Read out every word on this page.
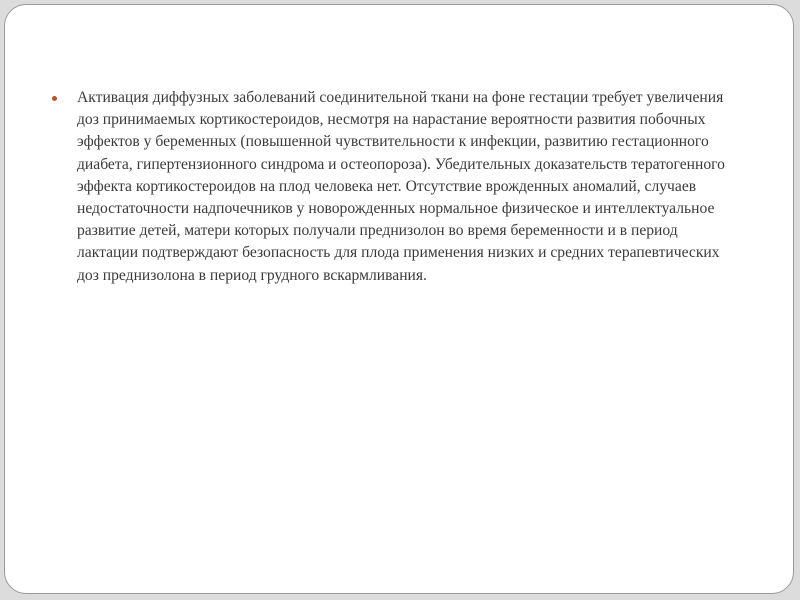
Активация диффузных заболеваний соединительной ткани на фоне гестации требует увеличения доз принимаемых кортикостероидов, несмотря на нарастание вероятности развития побочных эффектов у беременных (повышенной чувствительности к инфекции, развитию гестационного диабета, гипертензионного синдрома и остеопороза). Убедительных доказательств тератогенного эффекта кортикостероидов на плод человека нет. Отсутствие врожденных аномалий, случаев недостаточности надпочечников у новорожденных нормальное физическое и интеллектуальное развитие детей, матери которых получали преднизолон во время беременности и в период лактации подтверждают безопасность для плода применения низких и средних терапевтических доз преднизолона в период грудного вскармливания.
